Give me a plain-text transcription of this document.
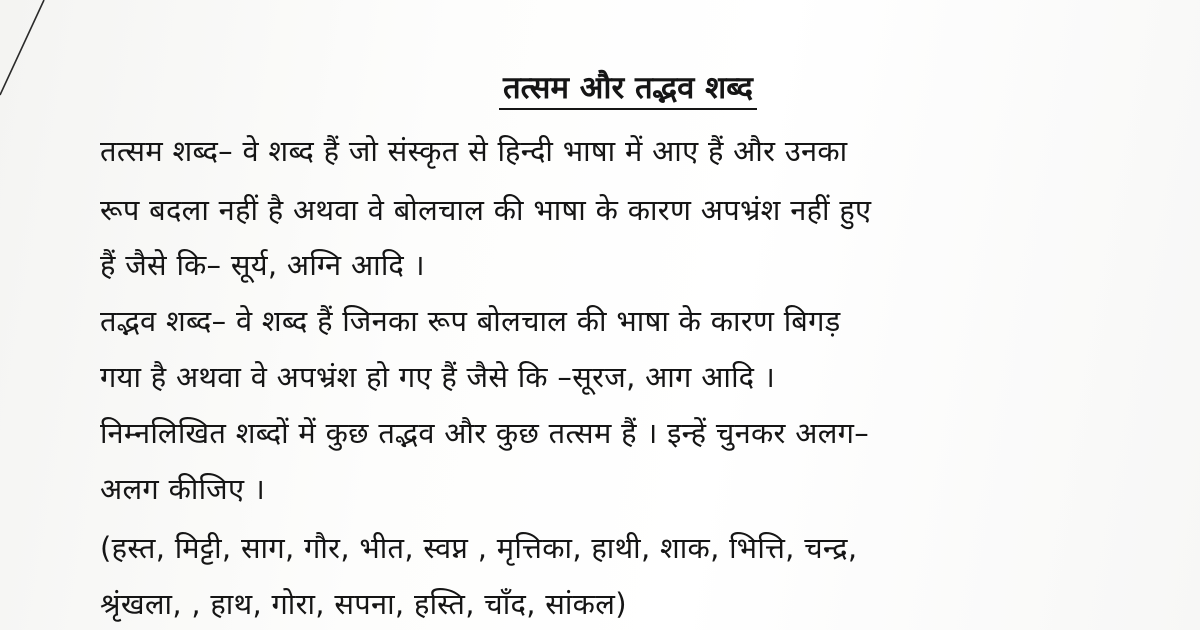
तत्सम और तद्भव शब्द

तत्सम शब्द– वे शब्द हैं जो संस्कृत से हिन्दी भाषा में आए हैं और उनका

रूप बदला नहीं है अथवा वे बोलचाल की भाषा के कारण अपभ्रंश नहीं हुए

हैं जैसे कि– सूर्य, अग्नि आदि ।

तद्भव शब्द– वे शब्द हैं जिनका रूप बोलचाल की भाषा के कारण बिगड़

गया है अथवा वे अपभ्रंश हो गए हैं जैसे कि –सूरज, आग आदि ।

निम्नलिखित शब्दों में कुछ तद्भव और कुछ तत्सम हैं । इन्हें चुनकर अलग–

अलग कीजिए ।

(हस्त, मिट्टी, साग, गौर, भीत, स्वप्न , मृत्तिका, हाथी, शाक, भित्ति, चन्द्र,

श्रृंखला, , हाथ, गोरा, सपना, हस्ति, चाँद, सांकल)
